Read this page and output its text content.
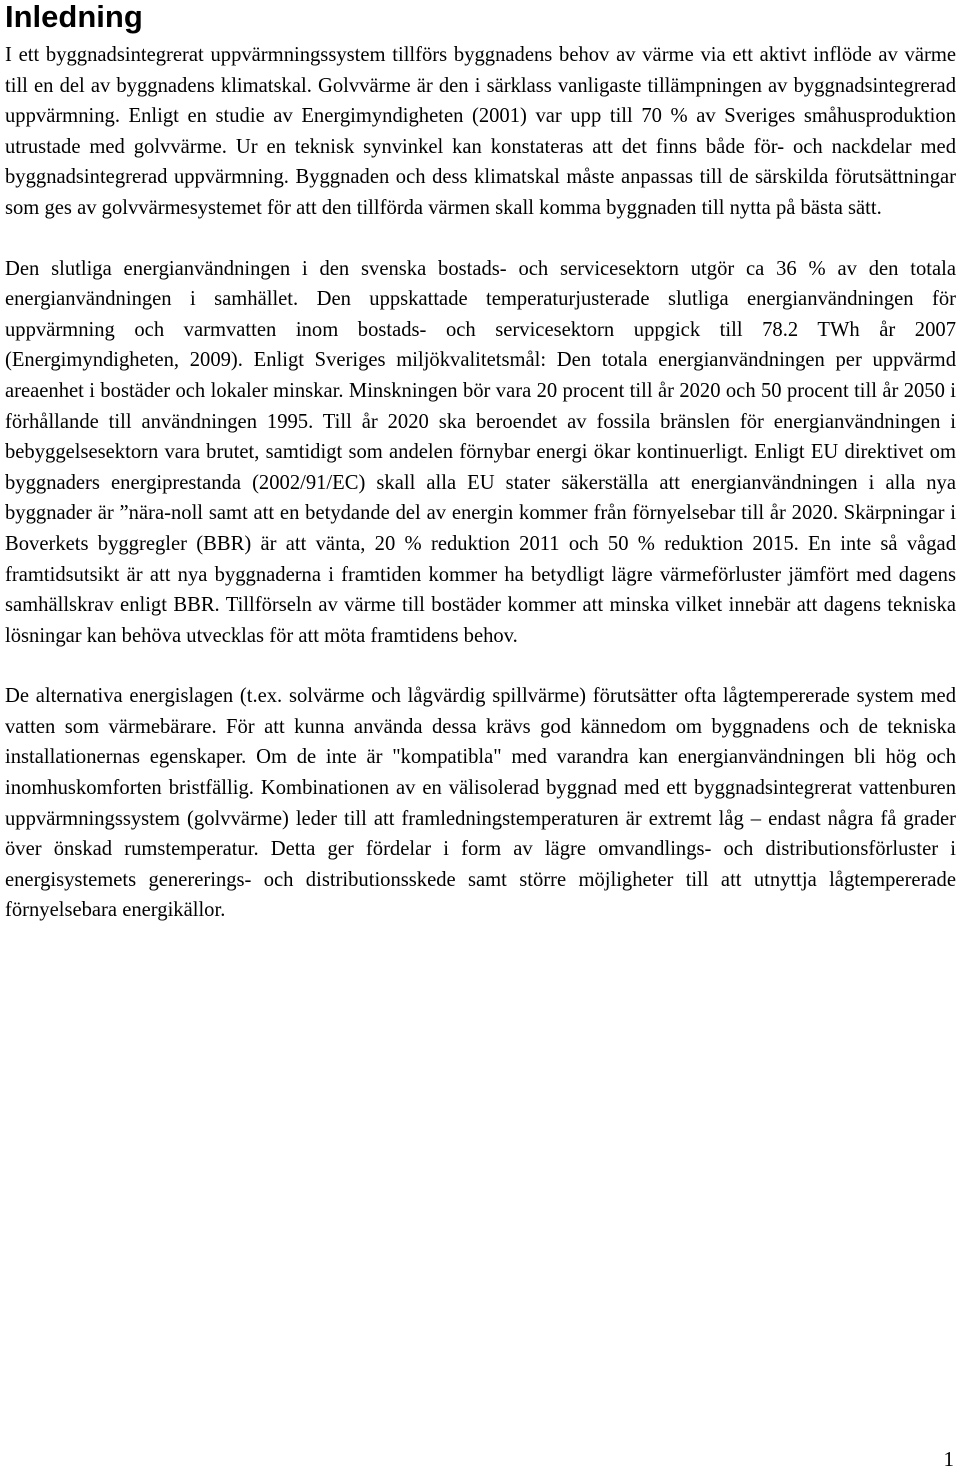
Inledning

I ett byggnadsintegrerat uppvärmningssystem tillförs byggnadens behov av värme via ett aktivt inflöde av värme till en del av byggnadens klimatskal. Golvvärme är den i särklass vanligaste tillämpningen av byggnadsintegrerad uppvärmning. Enligt en studie av Energimyndigheten (2001) var upp till 70 % av Sveriges småhusproduktion utrustade med golvvärme. Ur en teknisk synvinkel kan konstateras att det finns både för- och nackdelar med byggnadsintegrerad uppvärmning. Byggnaden och dess klimatskal måste anpassas till de särskilda förutsättningar som ges av golvvärmesystemet för att den tillförda värmen skall komma byggnaden till nytta på bästa sätt.

Den slutliga energianvändningen i den svenska bostads- och servicesektorn utgör ca 36 % av den totala energianvändningen i samhället. Den uppskattade temperaturjusterade slutliga energianvändningen för uppvärmning och varmvatten inom bostads- och servicesektorn uppgick till 78.2 TWh år 2007 (Energimyndigheten, 2009). Enligt Sveriges miljökvalitetsmål: Den totala energianvändningen per uppvärmd areaenhet i bostäder och lokaler minskar. Minskningen bör vara 20 procent till år 2020 och 50 procent till år 2050 i förhållande till användningen 1995. Till år 2020 ska beroendet av fossila bränslen för energianvändningen i bebyggelsesektorn vara brutet, samtidigt som andelen förnybar energi ökar kontinuerligt. Enligt EU direktivet om byggnaders energiprestanda (2002/91/EC) skall alla EU stater säkerställa att energianvändningen i alla nya byggnader är ”nära-noll samt att en betydande del av energin kommer från förnyelsebar till år 2020. Skärpningar i Boverkets byggregler (BBR) är att vänta, 20 % reduktion 2011 och 50 % reduktion 2015. En inte så vågad framtidsutsikt är att nya byggnaderna i framtiden kommer ha betydligt lägre värmeförluster jämfört med dagens samhällskrav enligt BBR. Tillförseln av värme till bostäder kommer att minska vilket innebär att dagens tekniska lösningar kan behöva utvecklas för att möta framtidens behov.

De alternativa energislagen (t.ex. solvärme och lågvärdig spillvärme) förutsätter ofta lågtempererade system med vatten som värmebärare. För att kunna använda dessa krävs god kännedom om byggnadens och de tekniska installationernas egenskaper. Om de inte är "kompatibla" med varandra kan energianvändningen bli hög och inomhuskomforten bristfällig. Kombinationen av en välisolerad byggnad med ett byggnadsintegrerat vattenburen uppvärmningssystem (golvvärme) leder till att framledningstemperaturen är extremt låg – endast några få grader över önskad rumstemperatur. Detta ger fördelar i form av lägre omvandlings- och distributionsförluster i energisystemets genererings- och distributionsskede samt större möjligheter till att utnyttja lågtempererade förnyelsebara energikällor.

1
